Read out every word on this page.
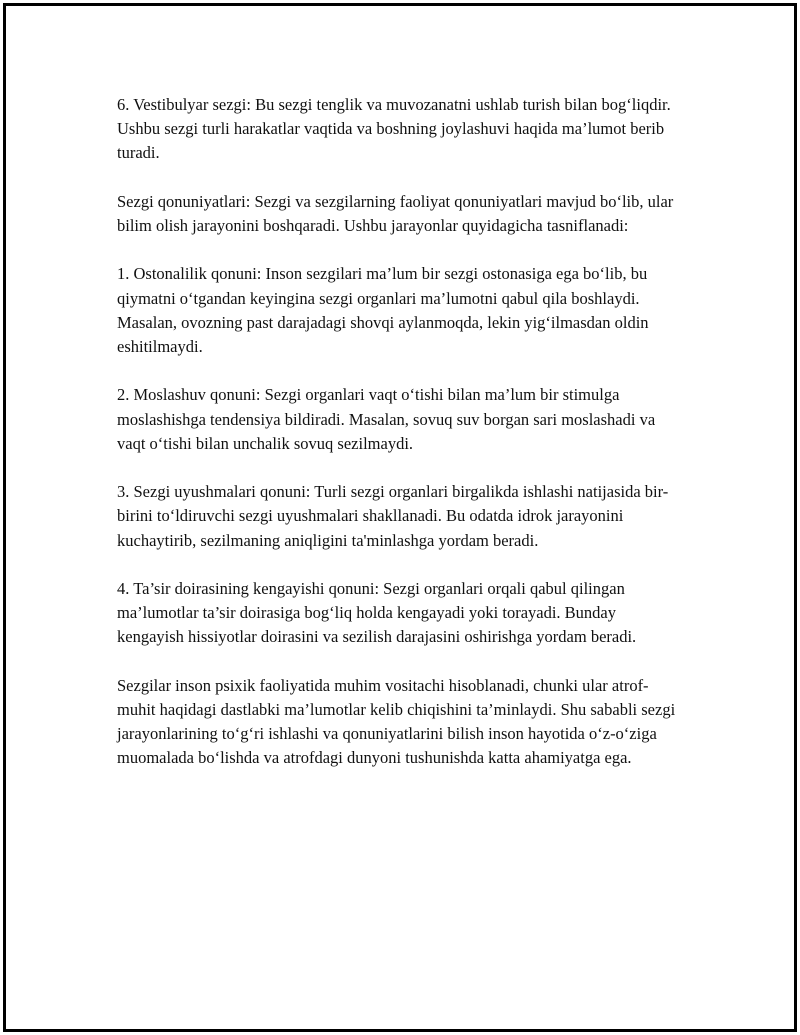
6. Vestibulyar sezgi: Bu sezgi tenglik va muvozanatni ushlab turish bilan bog‘liqdir. Ushbu sezgi turli harakatlar vaqtida va boshning joylashuvi haqida ma’lumot berib turadi.

Sezgi qonuniyatlari: Sezgi va sezgilarning faoliyat qonuniyatlari mavjud bo‘lib, ular bilim olish jarayonini boshqaradi. Ushbu jarayonlar quyidagicha tasniflanadi:

1. Ostonalilik qonuni: Inson sezgilari ma’lum bir sezgi ostonasiga ega bo‘lib, bu qiymatni o‘tgandan keyingina sezgi organlari ma’lumotni qabul qila boshlaydi. Masalan, ovozning past darajadagi shovqi aylanmoqda, lekin yig‘ilmasdan oldin eshitilmaydi.

2. Moslashuv qonuni: Sezgi organlari vaqt o‘tishi bilan ma’lum bir stimulga moslashishga tendensiya bildiradi. Masalan, sovuq suv borgan sari moslashadi va vaqt o‘tishi bilan unchalik sovuq sezilmaydi.

3. Sezgi uyushmalari qonuni: Turli sezgi organlari birgalikda ishlashi natijasida bir-birini to‘ldiruvchi sezgi uyushmalari shakllanadi. Bu odatda idrok jarayonini kuchaytirib, sezilmaning aniqligini ta'minlashga yordam beradi.

4. Ta’sir doirasining kengayishi qonuni: Sezgi organlari orqali qabul qilingan ma’lumotlar ta’sir doirasiga bog‘liq holda kengayadi yoki torayadi. Bunday kengayish hissiyotlar doirasini va sezilish darajasini oshirishga yordam beradi.

Sezgilar inson psixik faoliyatida muhim vositachi hisoblanadi, chunki ular atrof-muhit haqidagi dastlabki ma’lumotlar kelib chiqishini ta’minlaydi. Shu sababli sezgi jarayonlarining to‘g‘ri ishlashi va qonuniyatlarini bilish inson hayotida o‘z-o‘ziga muomalada bo‘lishda va atrofdagi dunyoni tushunishda katta ahamiyatga ega.
